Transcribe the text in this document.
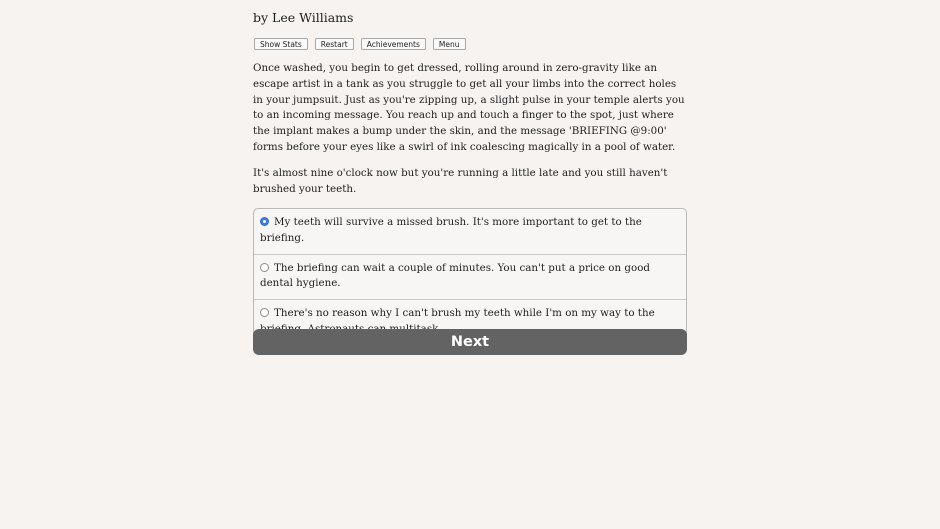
by Lee Williams
Show Stats	Restart	Achievements	Menu

Once washed, you begin to get dressed, rolling around in zero-gravity like an escape artist in a tank as you struggle to get all your limbs into the correct holes in your jumpsuit. Just as you're zipping up, a slight pulse in your temple alerts you to an incoming message. You reach up and touch a finger to the spot, just where the implant makes a bump under the skin, and the message 'BRIEFING @9:00' forms before your eyes like a swirl of ink coalescing magically in a pool of water.

It's almost nine o'clock now but you're running a little late and you still haven't brushed your teeth.

My teeth will survive a missed brush. It's more important to get to the briefing.
The briefing can wait a couple of minutes. You can't put a price on good dental hygiene.
There's no reason why I can't brush my teeth while I'm on my way to the
Next
